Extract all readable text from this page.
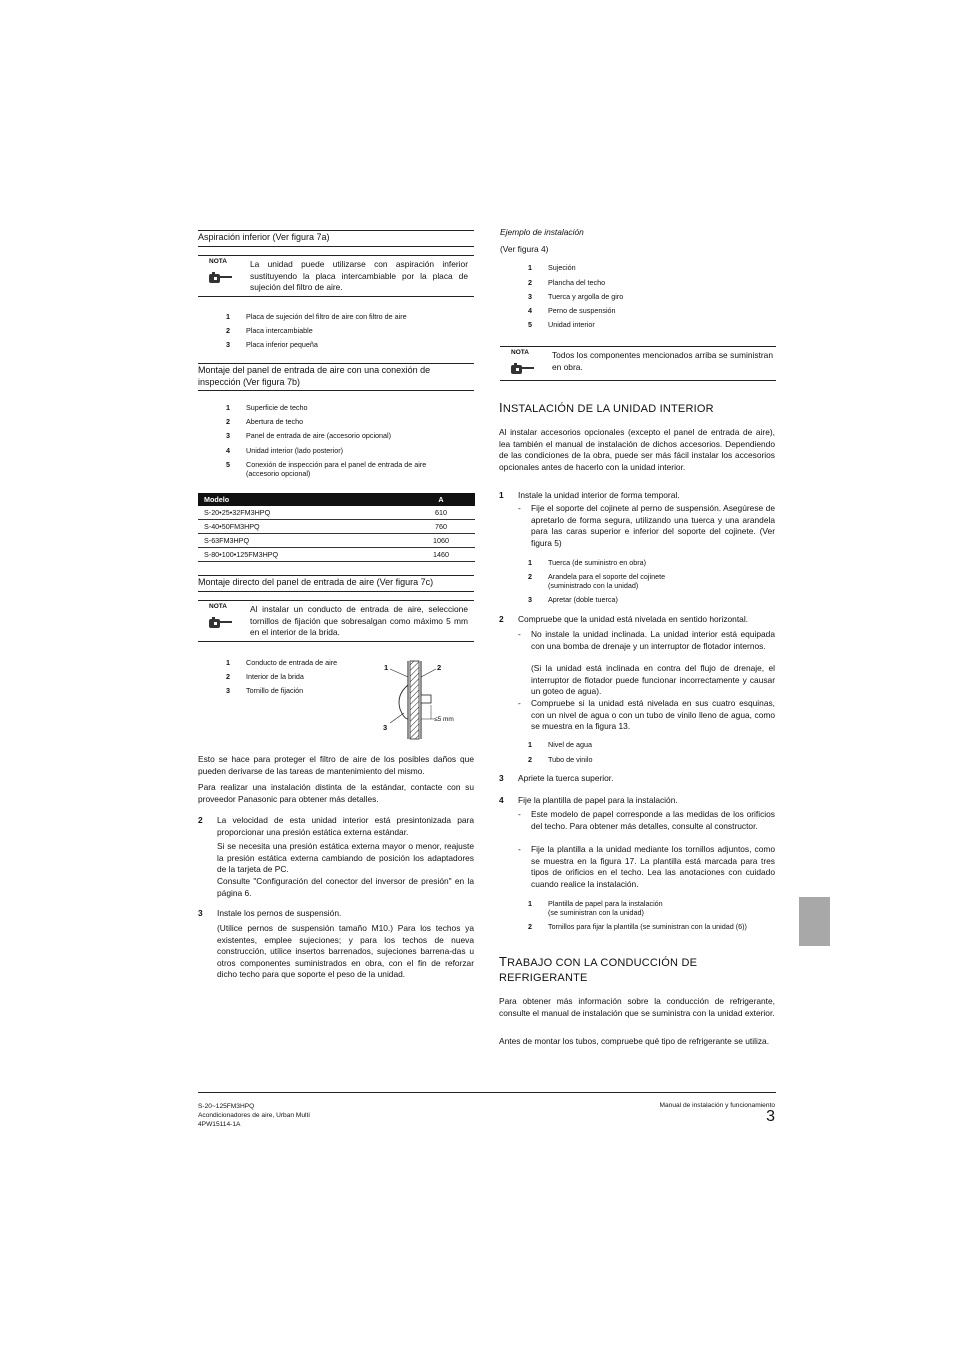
Aspiración inferior (Ver figura 7a)
NOTA	La unidad puede utilizarse con aspiración inferior sustituyendo la placa intercambiable por la placa de sujeción del filtro de aire.
1 Placa de sujeción del filtro de aire con filtro de aire
2 Placa intercambiable
3 Placa inferior pequeña
Montaje del panel de entrada de aire con una conexión de inspección (Ver figura 7b)
1 Superficie de techo
2 Abertura de techo
3 Panel de entrada de aire (accesorio opcional)
4 Unidad interior (lado posterior)
5 Conexión de inspección para el panel de entrada de aire
(accesorio opcional)
Modelo	A
S-20•25•32FM3HPQ	610
S-40•50FM3HPQ	760
S-63FM3HPQ	1060
S-80•100•125FM3HPQ	1460
Montaje directo del panel de entrada de aire (Ver figura 7c)
NOTA	Al instalar un conducto de entrada de aire, seleccione tornillos de fijación que sobresalgan como máximo 5 mm en el interior de la brida.
1 Conducto de entrada de aire
2 Interior de la brida
3 Tornillo de fijación
1	2
3
≤5 mm
Esto se hace para proteger el filtro de aire de los posibles daños que pueden derivarse de las tareas de mantenimiento del mismo.
Para realizar una instalación distinta de la estándar, contacte con su proveedor Panasonic para obtener más detalles.
2 La velocidad de esta unidad interior está presintonizada para proporcionar una presión estática externa estándar.
Si se necesita una presión estática externa mayor o menor, reajuste la presión estática externa cambiando de posición los adaptadores de la tarjeta de PC.
Consulte "Configuración del conector del inversor de presión" en la página 6.
3 Instale los pernos de suspensión.
(Utilice pernos de suspensión tamaño M10.) Para los techos ya existentes, emplee sujeciones; y para los techos de nueva construcción, utilice insertos barrenados, sujeciones barrena-das u otros componentes suministrados en obra, con el fin de reforzar dicho techo para que soporte el peso de la unidad.
Ejemplo de instalación
(Ver figura 4)
1 Sujeción
2 Plancha del techo
3 Tuerca y argolla de giro
4 Perno de suspensión
5 Unidad interior
NOTA	Todos los componentes mencionados arriba se suministran en obra.
INSTALACIÓN DE LA UNIDAD INTERIOR
Al instalar accesorios opcionales (excepto el panel de entrada de aire), lea también el manual de instalación de dichos accesorios. Dependiendo de las condiciones de la obra, puede ser más fácil instalar los accesorios opcionales antes de hacerlo con la unidad interior.
1 Instale la unidad interior de forma temporal.
- Fije el soporte del cojinete al perno de suspensión. Asegúrese de apretarlo de forma segura, utilizando una tuerca y una arandela para las caras superior e inferior del soporte del cojinete. (Ver figura 5)
1 Tuerca (de suministro en obra)
2 Arandela para el soporte del cojinete
(suministrado con la unidad)
3 Apretar (doble tuerca)
2 Compruebe que la unidad está nivelada en sentido horizontal.
- No instale la unidad inclinada. La unidad interior está equipada con una bomba de drenaje y un interruptor de flotador internos.
(Si la unidad está inclinada en contra del flujo de drenaje, el interruptor de flotador puede funcionar incorrectamente y causar un goteo de agua).
- Compruebe si la unidad está nivelada en sus cuatro esquinas, con un nivel de agua o con un tubo de vinilo lleno de agua, como se muestra en la figura 13.
1 Nivel de agua
2 Tubo de vinilo
3 Apriete la tuerca superior.
4 Fije la plantilla de papel para la instalación.
- Este modelo de papel corresponde a las medidas de los orificios del techo. Para obtener más detalles, consulte al constructor.
- Fije la plantilla a la unidad mediante los tornillos adjuntos, como se muestra en la figura 17. La plantilla está marcada para tres tipos de orificios en el techo. Lea las anotaciones con cuidado cuando realice la instalación.
1 Plantilla de papel para la instalación
(se suministran con la unidad)
2 Tornillos para fijar la plantilla (se suministran con la unidad (6))
TRABAJO CON LA CONDUCCIÓN DE
REFRIGERANTE
Para obtener más información sobre la conducción de refrigerante, consulte el manual de instalación que se suministra con la unidad exterior.
Antes de montar los tubos, compruebe qué tipo de refrigerante se utiliza.
S-20~125FM3HPQ
Acondicionadores de aire, Urban Multi
4PW15114-1A
Manual de instalación y funcionamiento
3
